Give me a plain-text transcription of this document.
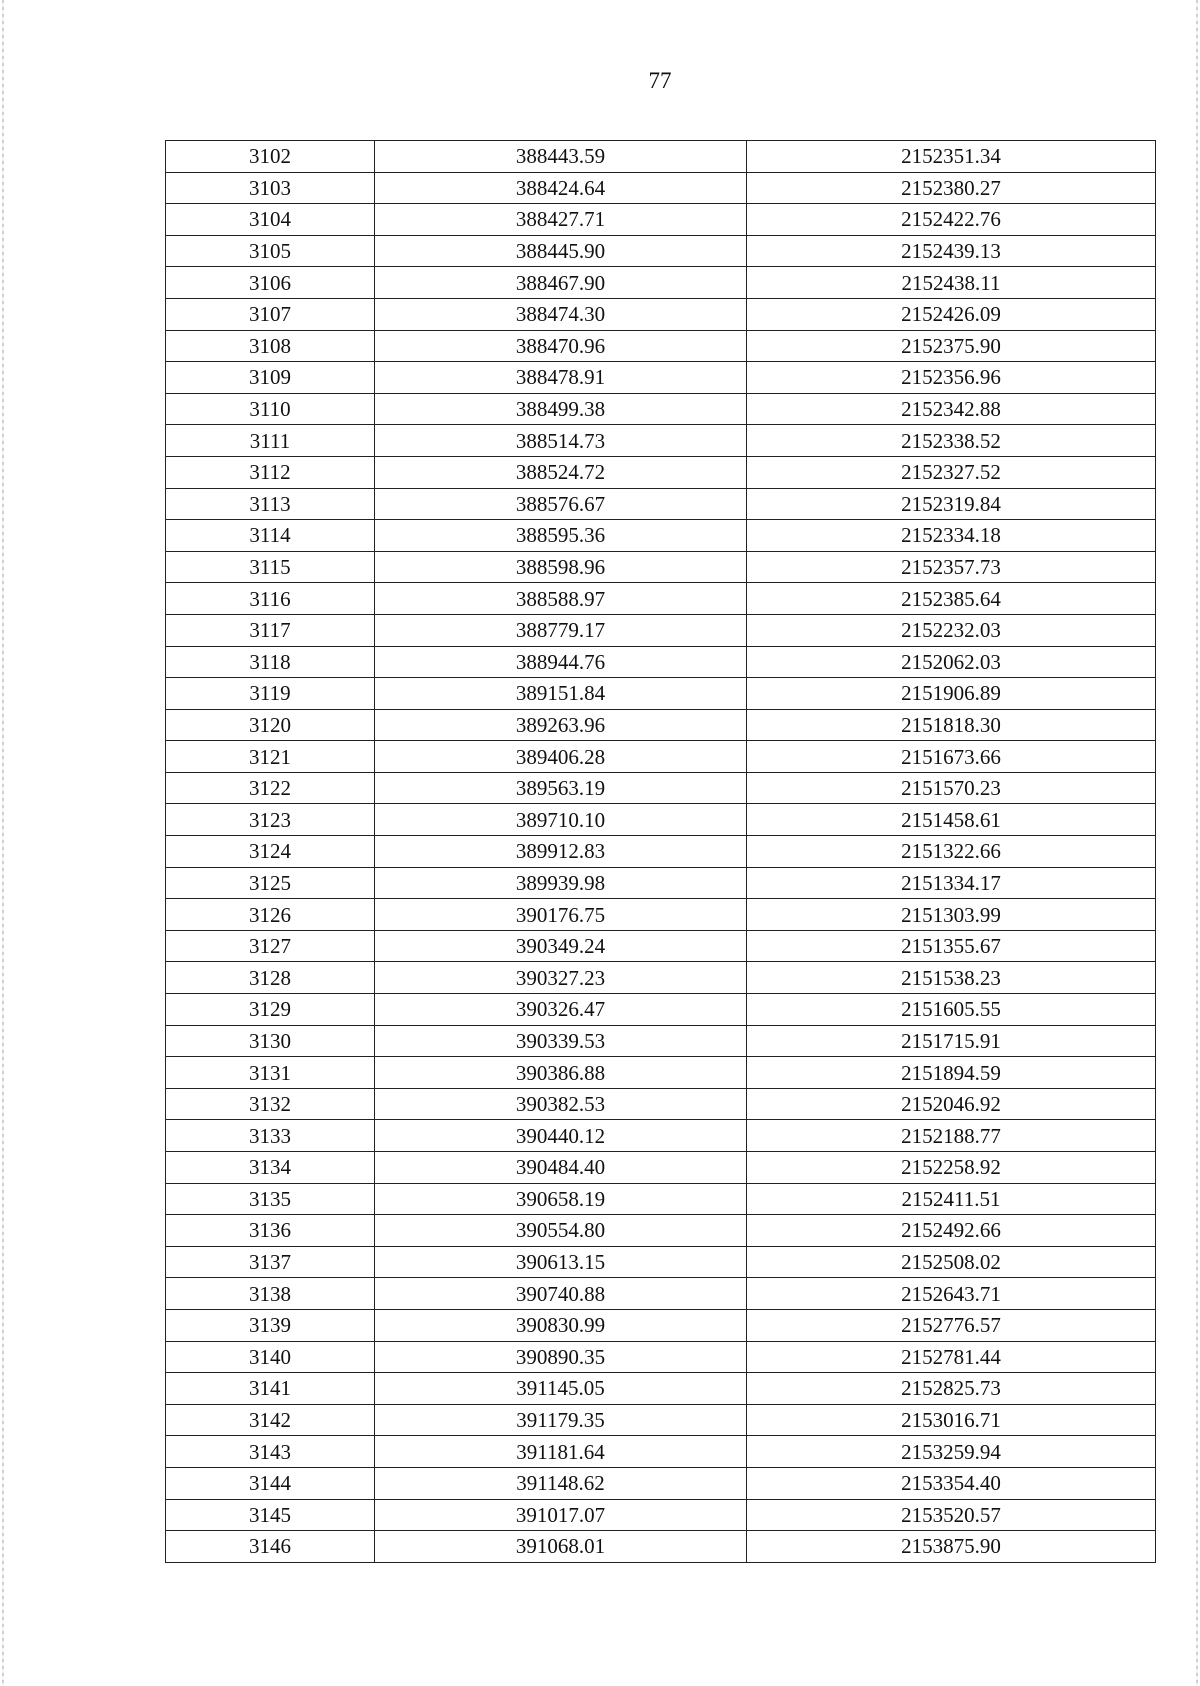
77
3102	388443.59	2152351.34
3103	388424.64	2152380.27
3104	388427.71	2152422.76
3105	388445.90	2152439.13
3106	388467.90	2152438.11
3107	388474.30	2152426.09
3108	388470.96	2152375.90
3109	388478.91	2152356.96
3110	388499.38	2152342.88
3111	388514.73	2152338.52
3112	388524.72	2152327.52
3113	388576.67	2152319.84
3114	388595.36	2152334.18
3115	388598.96	2152357.73
3116	388588.97	2152385.64
3117	388779.17	2152232.03
3118	388944.76	2152062.03
3119	389151.84	2151906.89
3120	389263.96	2151818.30
3121	389406.28	2151673.66
3122	389563.19	2151570.23
3123	389710.10	2151458.61
3124	389912.83	2151322.66
3125	389939.98	2151334.17
3126	390176.75	2151303.99
3127	390349.24	2151355.67
3128	390327.23	2151538.23
3129	390326.47	2151605.55
3130	390339.53	2151715.91
3131	390386.88	2151894.59
3132	390382.53	2152046.92
3133	390440.12	2152188.77
3134	390484.40	2152258.92
3135	390658.19	2152411.51
3136	390554.80	2152492.66
3137	390613.15	2152508.02
3138	390740.88	2152643.71
3139	390830.99	2152776.57
3140	390890.35	2152781.44
3141	391145.05	2152825.73
3142	391179.35	2153016.71
3143	391181.64	2153259.94
3144	391148.62	2153354.40
3145	391017.07	2153520.57
3146	391068.01	2153875.90
